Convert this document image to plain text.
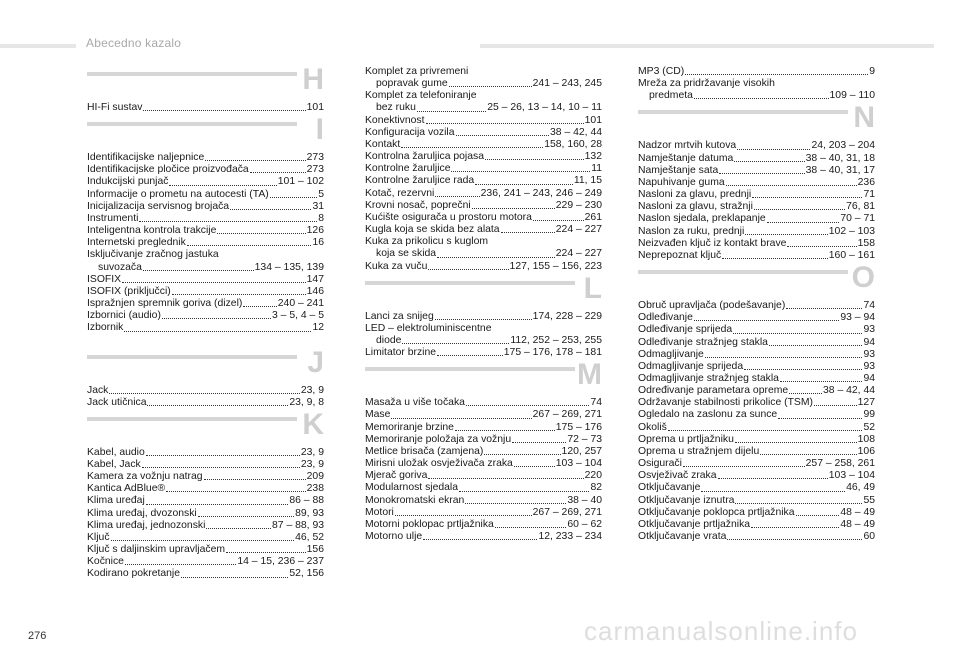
Abecedno kazalo
H
HI-Fi sustav	101
I
Identifikacijske naljepnice	273
Identifikacijske pločice proizvođača	273
Indukcijski punjač	101 – 102
Informacije o prometu na autocesti (TA)	5
Inicijalizacija servisnog brojača	31
Instrumenti	8
Inteligentna kontrola trakcije	126
Internetski preglednik	16
Isključivanje zračnog jastuka
suvozača	134 – 135, 139
ISOFIX	147
ISOFIX (priključci)	146
Ispražnjen spremnik goriva (dizel)	240 – 241
Izbornici (audio)	3 – 5, 4 – 5
Izbornik	12
J
Jack	23, 9
Jack utičnica	23, 9, 8
K
Kabel, audio	23, 9
Kabel, Jack	23, 9
Kamera za vožnju natrag	209
Kantica AdBlue®	238
Klima uređaj	86 – 88
Klima uređaj, dvozonski	89, 93
Klima uređaj, jednozonski	87 – 88, 93
Ključ	46, 52
Ključ s daljinskim upravljačem	156
Kočnice	14 – 15, 236 – 237
Kodirano pokretanje	52, 156
Komplet za privremeni
popravak gume	241 – 243, 245
Komplet za telefoniranje
bez ruku	25 – 26, 13 – 14, 10 – 11
Konektivnost	101
Konfiguracija vozila	38 – 42, 44
Kontakt	158, 160, 28
Kontrolna žaruljica pojasa	132
Kontrolne žaruljice	11
Kontrolne žaruljice rada	11, 15
Kotač, rezervni	236, 241 – 243, 246 – 249
Krovni nosač, poprečni	229 – 230
Kućište osigurača u prostoru motora	261
Kugla koja se skida bez alata	224 – 227
Kuka za prikolicu s kuglom
koja se skida	224 – 227
Kuka za vuču	127, 155 – 156, 223
L
Lanci za snijeg	174, 228 – 229
LED – elektroluminiscentne
diode	112, 252 – 253, 255
Limitator brzine	175 – 176, 178 – 181
M
Masaža u više točaka	74
Mase	267 – 269, 271
Memoriranje brzine	175 – 176
Memoriranje položaja za vožnju	72 – 73
Metlice brisača (zamjena)	120, 257
Mirisni uložak osvježivača zraka	103 – 104
Mjerač goriva	220
Modularnost sjedala	82
Monokromatski ekran	38 – 40
Motori	267 – 269, 271
Motorni poklopac prtljažnika	60 – 62
Motorno ulje	12, 233 – 234
MP3 (CD)	9
Mreža za pridržavanje visokih
predmeta	109 – 110
N
Nadzor mrtvih kutova	24, 203 – 204
Namještanje datuma	38 – 40, 31, 18
Namještanje sata	38 – 40, 31, 17
Napuhivanje guma	236
Nasloni za glavu, prednji	71
Nasloni za glavu, stražnji	76, 81
Naslon sjedala, preklapanje	70 – 71
Naslon za ruku, prednji	102 – 103
Neizvađen ključ iz kontakt brave	158
Neprepoznat ključ	160 – 161
O
Obruč upravljača (podešavanje)	74
Odleđivanje	93 – 94
Odleđivanje sprijeda	93
Odleđivanje stražnjeg stakla	94
Odmagljivanje	93
Odmagljivanje sprijeda	93
Odmagljivanje stražnjeg stakla	94
Određivanje parametara opreme	38 – 42, 44
Održavanje stabilnosti prikolice (TSM)	127
Ogledalo na zaslonu za sunce	99
Okoliš	52
Oprema u prtljažniku	108
Oprema u stražnjem dijelu	106
Osigurači	257 – 258, 261
Osvježivač zraka	103 – 104
Otključavanje	46, 49
Otključavanje iznutra	55
Otključavanje poklopca prtljažnika	48 – 49
Otključavanje prtljažnika	48 – 49
Otključavanje vrata	60
276	carmanualsonline.info
